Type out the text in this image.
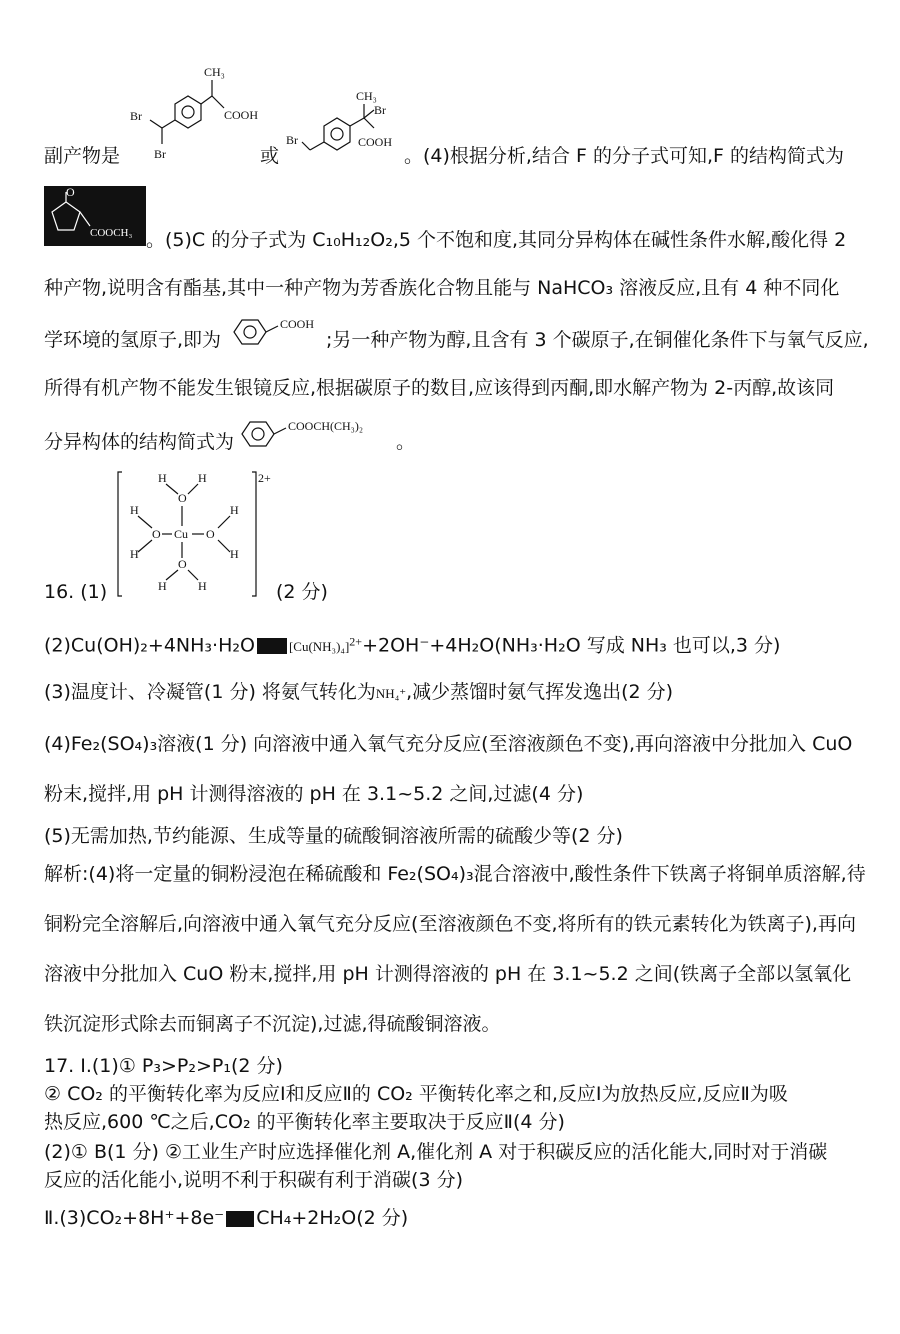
副产物是
CH₃
COOH
Br
Br	或
CH₃
Br
COOH
Br
。(4)根据分析,结合 F 的分子式可知,F 的结构简式为
O
COOCH₃ 。(5)C 的分子式为 C₁₀H₁₂O₂,5 个不饱和度,其同分异构体在碱性条件水解,酸化得 2
种产物,说明含有酯基,其中一种产物为芳香族化合物且能与 NaHCO₃ 溶液反应,且有 4 种不同化
学环境的氢原子,即为
COOH
;另一种产物为醇,且含有 3 个碳原子,在铜催化条件下与氧气反应,
所得有机产物不能发生银镜反应,根据碳原子的数目,应该得到丙酮,即水解产物为 2-丙醇,故该同
分异构体的结构简式为
COOCH(CH₃)₂
。
16. (1)
2+
Cu
O
H	H
O
H	H
O
H
H
O
H
H
(2 分)
(2)Cu(OH)₂+4NH₃·H₂O	$[Cu(NH_3)_4]^{2+}+2OH^-+4H_2O(NH_3\cdot H_2O$ 写成 NH₃ 也可以,3 分)
(3)温度计、冷凝管(1 分) 将氨气转化为NH₄⁺,减少蒸馏时氨气挥发逸出(2 分)
(4)Fe₂(SO₄)₃溶液(1 分) 向溶液中通入氧气充分反应(至溶液颜色不变),再向溶液中分批加入 CuO
粉末,搅拌,用 pH 计测得溶液的 pH 在 3.1~5.2 之间,过滤(4 分)
(5)无需加热,节约能源、生成等量的硫酸铜溶液所需的硫酸少等(2 分)
解析:(4)将一定量的铜粉浸泡在稀硫酸和 Fe₂(SO₄)₃混合溶液中,酸性条件下铁离子将铜单质溶解,待
铜粉完全溶解后,向溶液中通入氧气充分反应(至溶液颜色不变,将所有的铁元素转化为铁离子),再向
溶液中分批加入 CuO 粉末,搅拌,用 pH 计测得溶液的 pH 在 3.1~5.2 之间(铁离子全部以氢氧化
铁沉淀形式除去而铜离子不沉淀),过滤,得硫酸铜溶液。
17. Ⅰ.(1)① P₃>P₂>P₁(2 分)
② CO₂ 的平衡转化率为反应Ⅰ和反应Ⅱ的 CO₂ 平衡转化率之和,反应Ⅰ为放热反应,反应Ⅱ为吸
热反应,600 ℃之后,CO₂ 的平衡转化率主要取决于反应Ⅱ(4 分)
(2)① B(1 分) ②工业生产时应选择催化剂 A,催化剂 A 对于积碳反应的活化能大,同时对于消碳
反应的活化能小,说明不利于积碳有利于消碳(3 分)
Ⅱ.(3)CO₂+8H⁺+8e⁻ CH₄+2H₂O(2 分)
